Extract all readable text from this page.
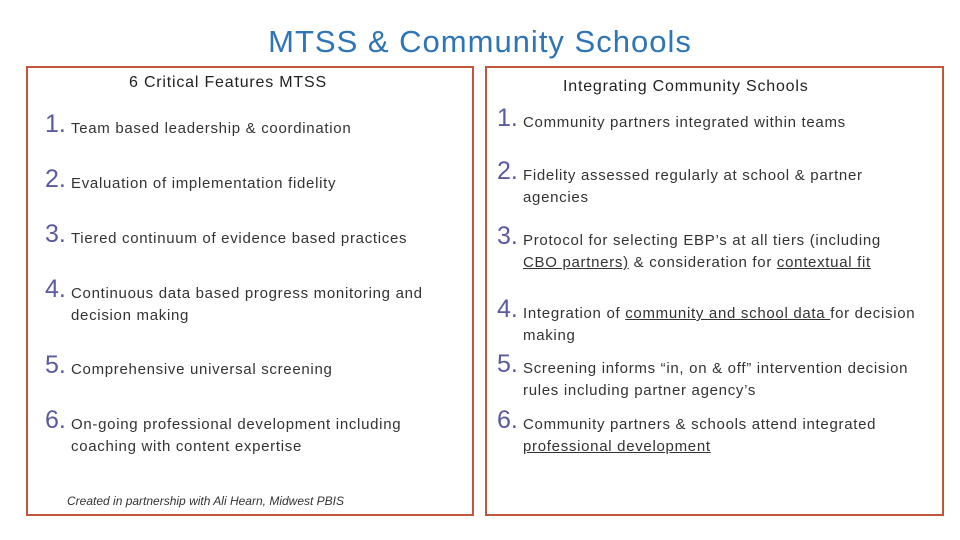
MTSS & Community Schools
6 Critical Features MTSS	Integrating Community Schools
1. Team based leadership & coordination
2. Evaluation of implementation fidelity
3. Tiered continuum of evidence based practices
4. Continuous data based progress monitoring and decision making
5. Comprehensive universal screening
6. On-going professional development including coaching with content expertise
Created in partnership with Ali Hearn, Midwest PBIS
1. Community partners integrated within teams
2. Fidelity assessed regularly at school & partner agencies
3. Protocol for selecting EBP’s at all tiers (including CBO partners) & consideration for contextual fit
4. Integration of community and school data for decision making
5. Screening informs “in, on & off” intervention decision rules including partner agency’s
6. Community partners & schools attend integrated professional development
